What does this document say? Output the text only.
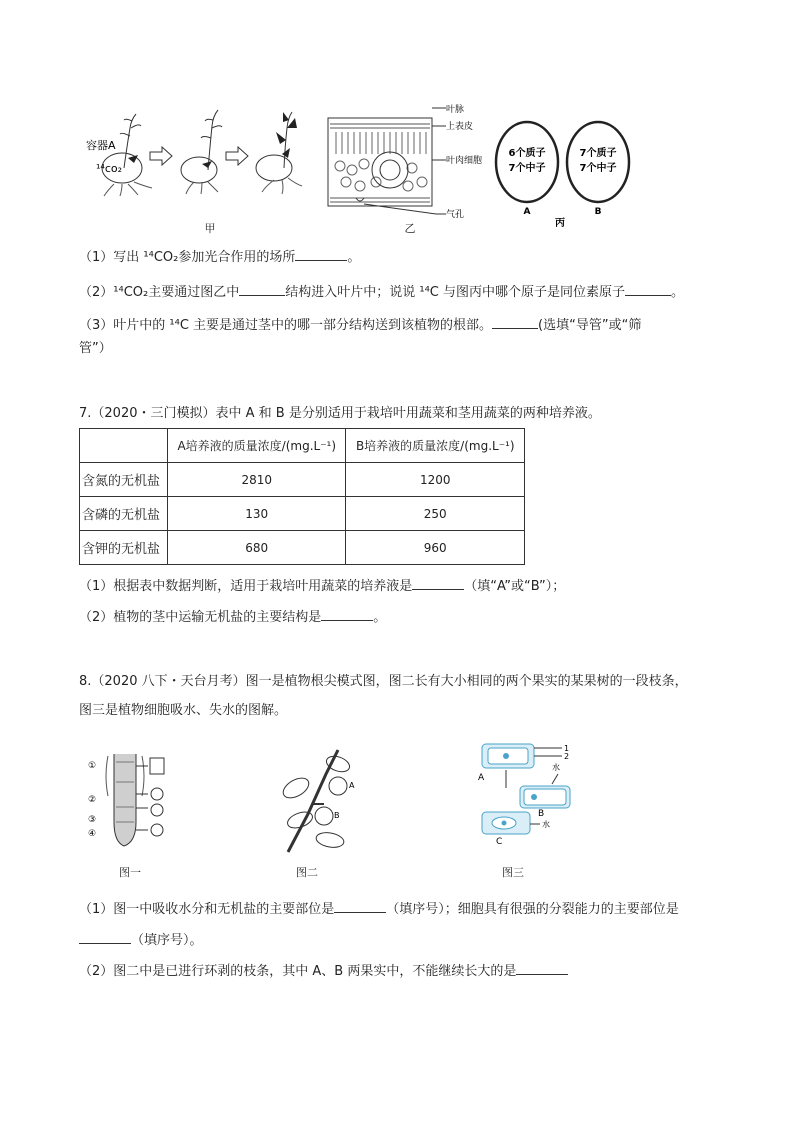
容器A
¹⁴co₂
甲
叶脉
上表皮
叶肉细胞
气孔
乙
6个质子
7个中子
7个质子
7个中子
A	B
丙
（1）写出 ¹⁴CO₂参加光合作用的场所	。
（2）¹⁴CO₂主要通过图乙中	结构进入叶片中；说说 ¹⁴C 与图丙中哪个原子是同位素原子	。
（3）叶片中的 ¹⁴C 主要是通过茎中的哪一部分结构送到该植物的根部。	(选填“导管”或“筛
管”）
7.（2020・三门模拟）表中 A 和 B 是分别适用于栽培叶用蔬菜和茎用蔬菜的两种培养液。
	A培养液的质量浓度/(mg.L⁻¹)	B培养液的质量浓度/(mg.L⁻¹)
含氮的无机盐	2810	1200
含磷的无机盐	130	250
含钾的无机盐	680	960
（1）根据表中数据判断，适用于栽培叶用蔬菜的培养液是	（填“A”或“B”）；
（2）植物的茎中运输无机盐的主要结构是	。
8.（2020 八下・天台月考）图一是植物根尖模式图，图二长有大小相同的两个果实的某果树的一段枝条，
图三是植物细胞吸水、失水的图解。
①
②
③
④
图一
A
B
图二
1
2
水
A
B
水
C
图三
（1）图一中吸收水分和无机盐的主要部位是	（填序号）；细胞具有很强的分裂能力的主要部位是
（填序号）。
（2）图二中是已进行环剥的枝条，其中 A、B 两果实中，不能继续长大的是
